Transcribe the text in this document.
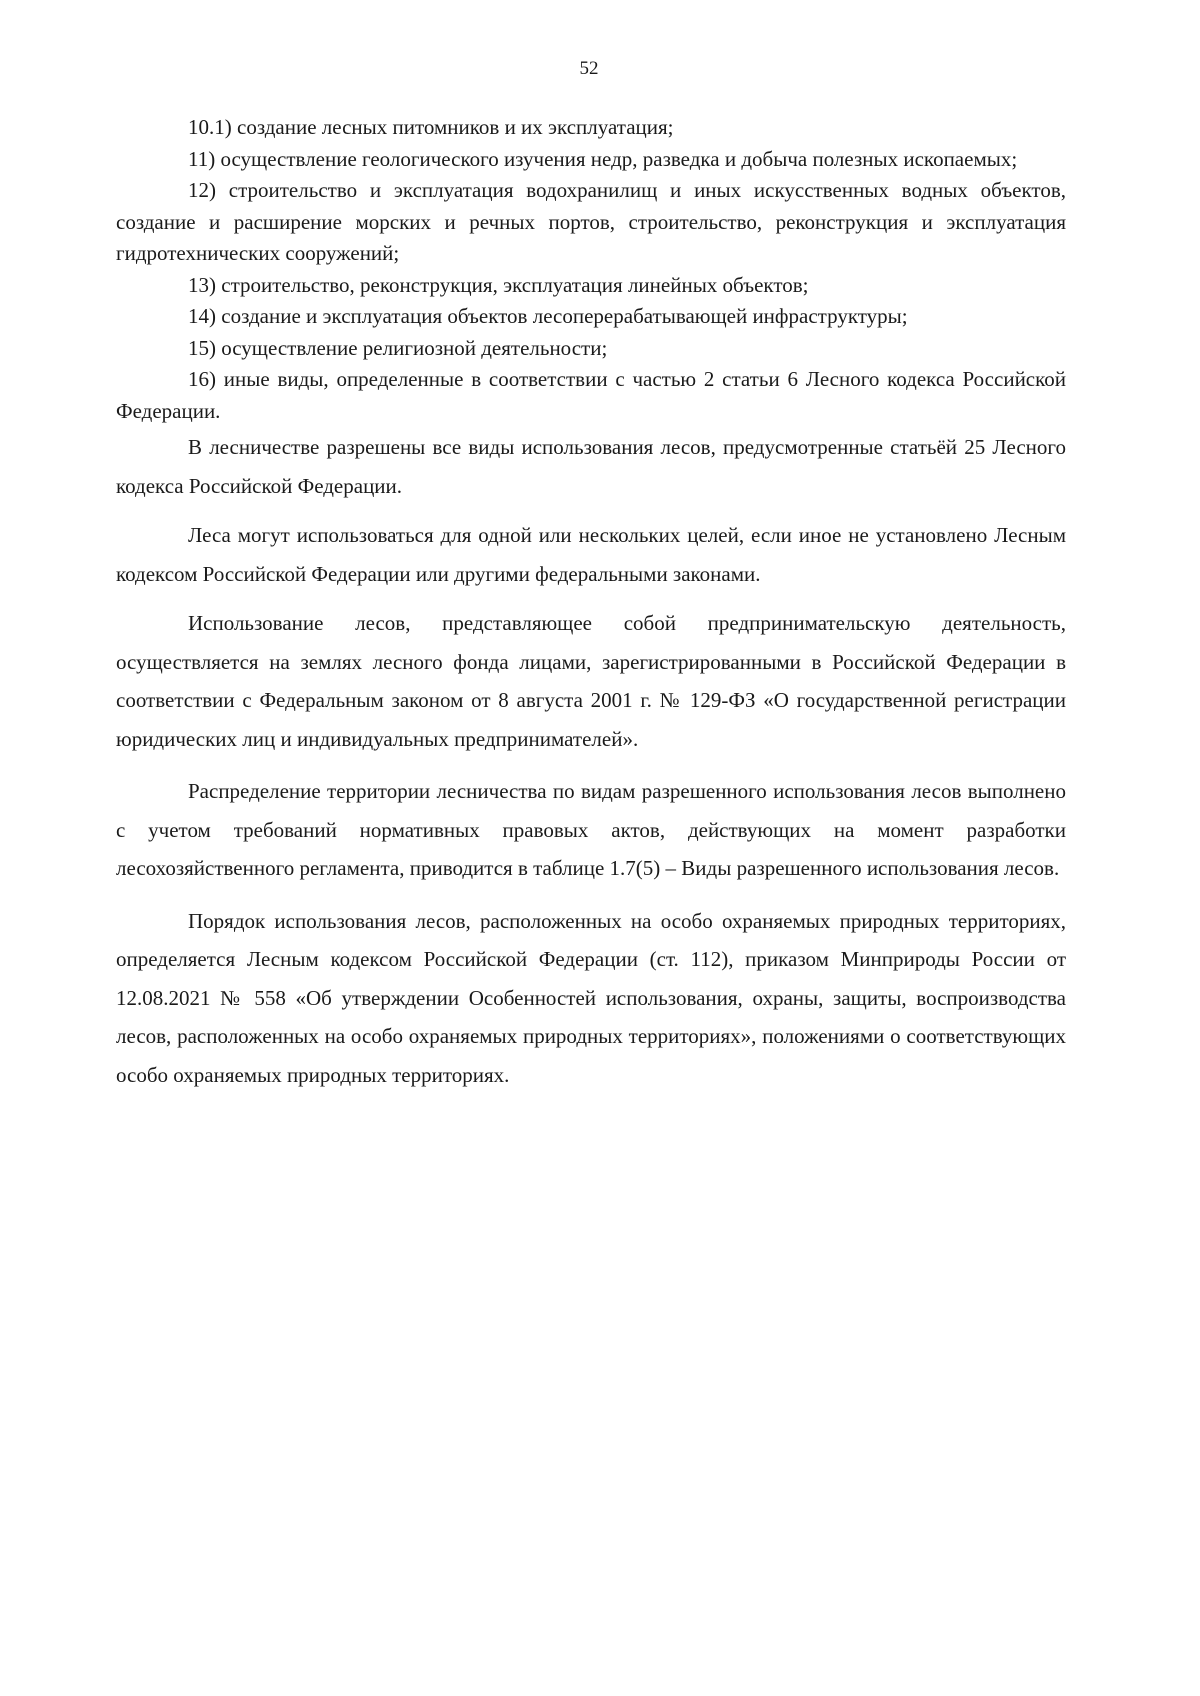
52

10.1) создание лесных питомников и их эксплуатация;

11) осуществление геологического изучения недр, разведка и добыча полезных ископаемых;

12) строительство и эксплуатация водохранилищ и иных искусственных водных объектов, создание и расширение морских и речных портов, строительство, реконструкция и эксплуатация гидротехнических сооружений;

13) строительство, реконструкция, эксплуатация линейных объектов;

14) создание и эксплуатация объектов лесоперерабатывающей инфраструктуры;

15) осуществление религиозной деятельности;

16) иные виды, определенные в соответствии с частью 2 статьи 6 Лесного кодекса Российской Федерации.

В лесничестве разрешены все виды использования лесов, предусмотренные статьёй 25 Лесного кодекса Российской Федерации.

Леса могут использоваться для одной или нескольких целей, если иное не установлено Лесным кодексом Российской Федерации или другими федеральными законами.

Использование лесов, представляющее собой предпринимательскую деятельность, осуществляется на землях лесного фонда лицами, зарегистрированными в Российской Федерации в соответствии с Федеральным законом от 8 августа 2001 г. № 129-ФЗ «О государственной регистрации юридических лиц и индивидуальных предпринимателей».

Распределение территории лесничества по видам разрешенного использования лесов выполнено с учетом требований нормативных правовых актов, действующих на момент разработки лесохозяйственного регламента, приводится в таблице 1.7(5) – Виды разрешенного использования лесов.

Порядок использования лесов, расположенных на особо охраняемых природных территориях, определяется Лесным кодексом Российской Федерации (ст. 112), приказом Минприроды России от 12.08.2021 № 558 «Об утверждении Особенностей использования, охраны, защиты, воспроизводства лесов, расположенных на особо охраняемых природных территориях», положениями о соответствующих особо охраняемых природных территориях.
